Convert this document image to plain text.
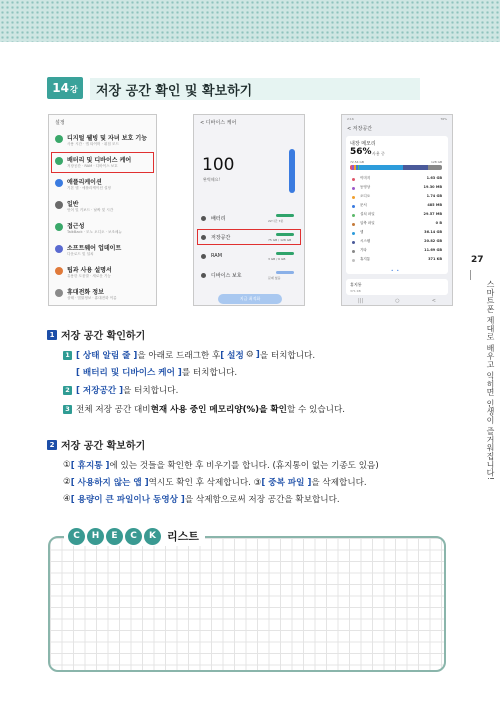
14 강	저장 공간 확인 및 확보하기
27
스마트폰 제대로 배우고 익히면 인생이 즐거워집니다!
설정
디지털 웰빙 및 자녀 보호 기능
사용 시간 · 앱 타이머 · 취침 모드
배터리 및 디바이스 케어
저장공간 · RAM · 디바이스 보호
애플리케이션
기본 앱 · 애플리케이션 설정
일반
언어 및 키보드 · 날짜 및 시간
접근성
TalkBack · 모노 오디오 · 보조메뉴
소프트웨어 업데이트
다운로드 및 설치
팁과 사용 설명서
유용한 도움말 · 새로운 기능
휴대전화 정보
상태 · 법률정보 · 휴대전화 이름
< 디바이스 케어
100
완벽해요!
배터리	22시간 7분
저장공간	75 GB / 128 GB
RAM	3 GB / 6 GB
디바이스 보호	문제 없음
지금 최적화
2:16	76%
< 저장공간
내장 메모리
56% 사용 중
72.54 GB	128 GB
이미지	1.63 GB
동영상	19.30 MB
오디오	1.74 GB
문서	485 MB
설치 파일	29.57 MB
압축 파일	0 B
앱	36.14 GB
시스템	20.82 GB
기타	11.69 GB
휴지통	371 KB
• •
휴지통
371 KB
|||	○	<
1 저장 공간 확인하기
1 [ 상태 알림 줄 ] 을 아래로 드래그한 후 [ 설정 ⚙ ] 을 터치합니다.
[ 배터리 및 디바이스 케어 ] 를 터치합니다.
2 [ 저장공간 ] 을 터치합니다.
3 전체 저장 공간 대비 현재 사용 중인 메모리양(%)을 확인 할 수 있습니다.
2 저장 공간 확보하기
① [ 휴지통 ] 에 있는 것들을 확인한 후 비우기를 합니다. (휴지통이 없는 기종도 있음)
② [ 사용하지 않는 앱 ] 역시도 확인 후 삭제합니다. ③ [ 중복 파일 ] 을 삭제합니다.
④ [ 용량이 큰 파일이나 동영상 ] 을 삭제함으로써 저장 공간을 확보합니다.
C	H	E	C	K	리스트
